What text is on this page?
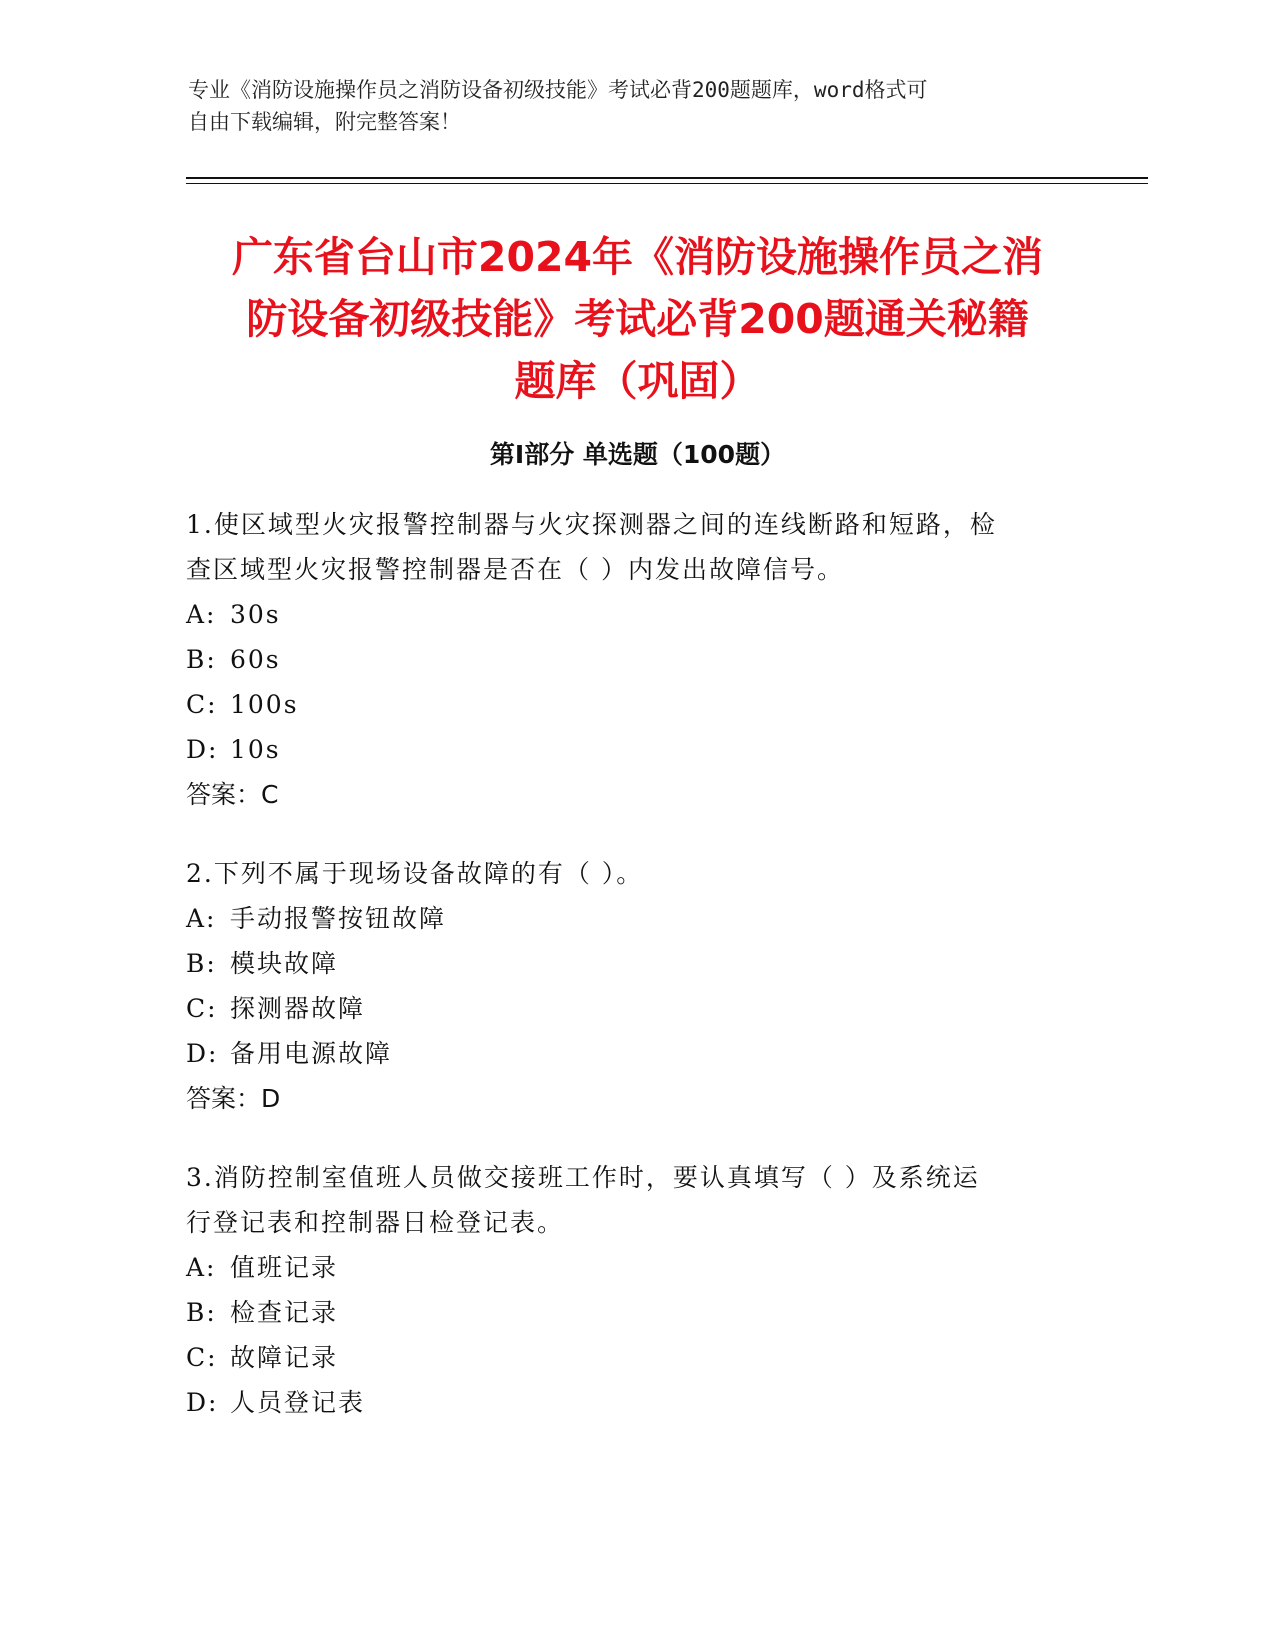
专业《消防设施操作员之消防设备初级技能》考试必背200题题库，word格式可
自由下载编辑，附完整答案！
广东省台山市2024年《消防设施操作员之消
防设备初级技能》考试必背200题通关秘籍
题库（巩固）
第I部分 单选题（100题）

1.使区域型火灾报警控制器与火灾探测器之间的连线断路和短路，检

查区域型火灾报警控制器是否在（ ）内发出故障信号。

A: 30s

B: 60s

C: 100s

D: 10s

答案：C

2.下列不属于现场设备故障的有（ ）。

A: 手动报警按钮故障

B: 模块故障

C: 探测器故障

D: 备用电源故障

答案：D

3.消防控制室值班人员做交接班工作时，要认真填写（ ）及系统运

行登记表和控制器日检登记表。

A: 值班记录

B: 检查记录

C: 故障记录

D: 人员登记表
